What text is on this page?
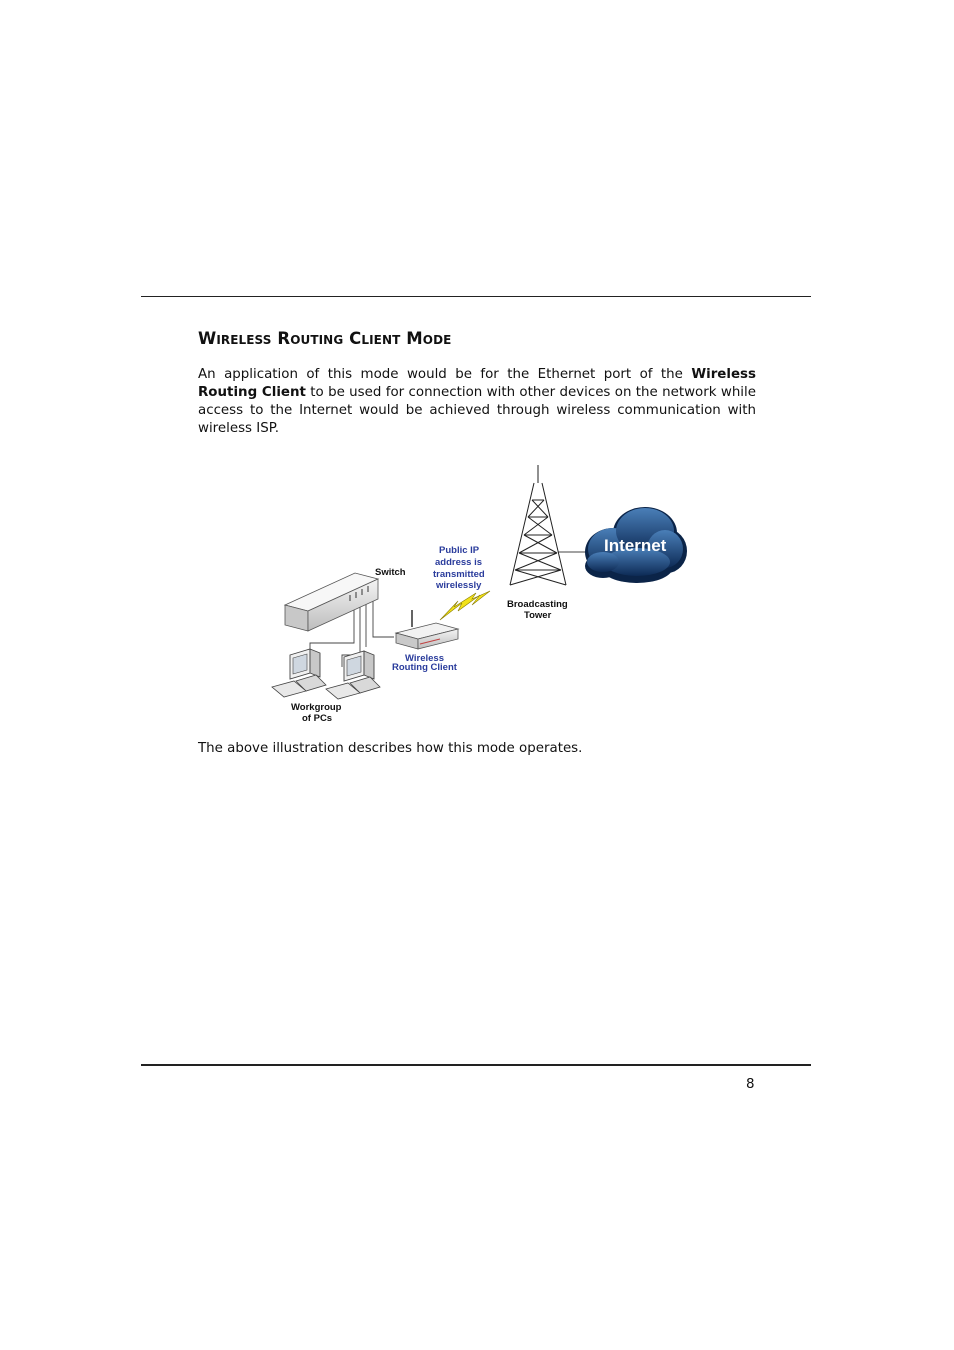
WIRELESS ROUTING CLIENT MODE

An application of this mode would be for the Ethernet port of the Wireless Routing Client to be used for connection with other devices on the network while access to the Internet would be achieved through wireless communication with wireless ISP.

Switch
Wireless
Routing Client
Public IP
address is
transmitted
wirelessly
Broadcasting
Tower
Internet
Workgroup
of PCs

The above illustration describes how this mode operates.

8
